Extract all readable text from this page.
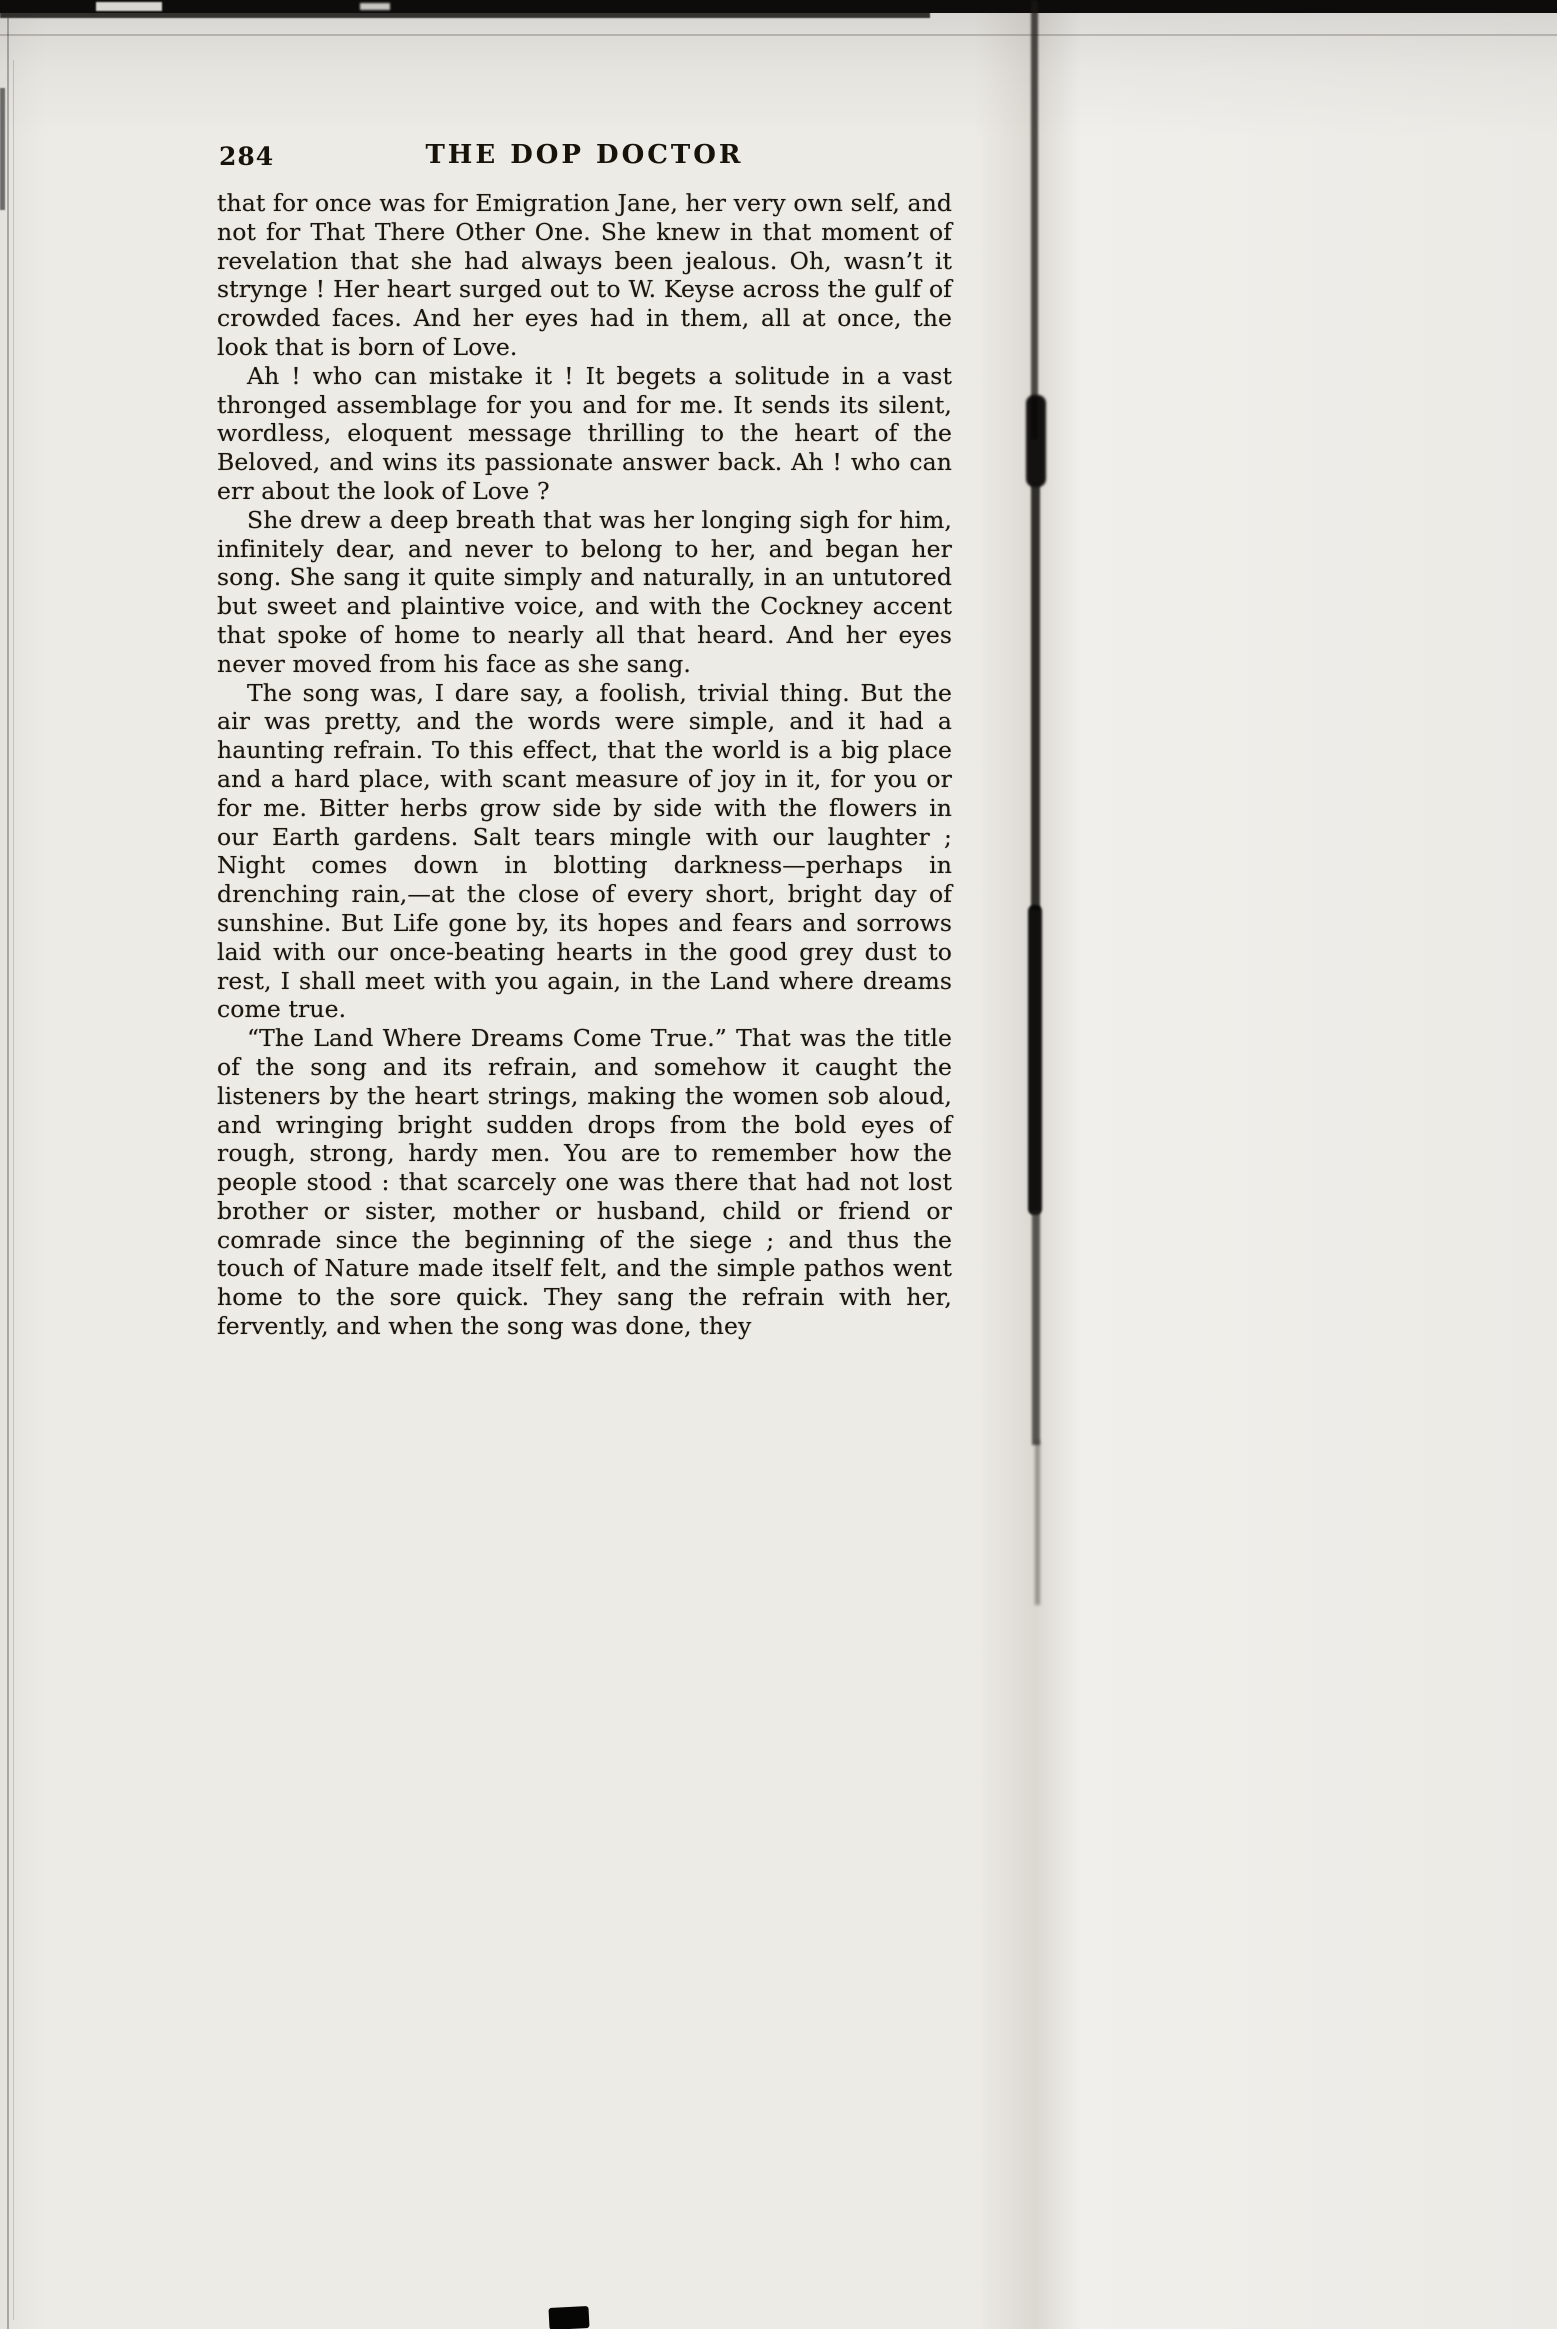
284	THE DOP DOCTOR

that for once was for Emigration Jane, her very own self, and not for That There Other One. She knew in that moment of revelation that she had always been jealous. Oh, wasn’t it strynge ! Her heart surged out to W. Keyse across the gulf of crowded faces. And her eyes had in them, all at once, the look that is born of Love.

Ah ! who can mistake it ! It begets a solitude in a vast thronged assemblage for you and for me. It sends its silent, wordless, eloquent message thrilling to the heart of the Beloved, and wins its passionate answer back. Ah ! who can err about the look of Love ?

She drew a deep breath that was her longing sigh for him, infinitely dear, and never to belong to her, and began her song. She sang it quite simply and naturally, in an untutored but sweet and plaintive voice, and with the Cockney accent that spoke of home to nearly all that heard. And her eyes never moved from his face as she sang.

The song was, I dare say, a foolish, trivial thing. But the air was pretty, and the words were simple, and it had a haunting refrain. To this effect, that the world is a big place and a hard place, with scant measure of joy in it, for you or for me. Bitter herbs grow side by side with the flowers in our Earth gardens. Salt tears mingle with our laughter ; Night comes down in blotting darkness—perhaps in drenching rain,—at the close of every short, bright day of sunshine. But Life gone by, its hopes and fears and sorrows laid with our once-beating hearts in the good grey dust to rest, I shall meet with you again, in the Land where dreams come true.

“The Land Where Dreams Come True.” That was the title of the song and its refrain, and somehow it caught the listeners by the heart strings, making the women sob aloud, and wringing bright sudden drops from the bold eyes of rough, strong, hardy men. You are to remember how the people stood : that scarcely one was there that had not lost brother or sister, mother or husband, child or friend or comrade since the beginning of the siege ; and thus the touch of Nature made itself felt, and the simple pathos went home to the sore quick. They sang the refrain with her, fervently, and when the song was done, they
